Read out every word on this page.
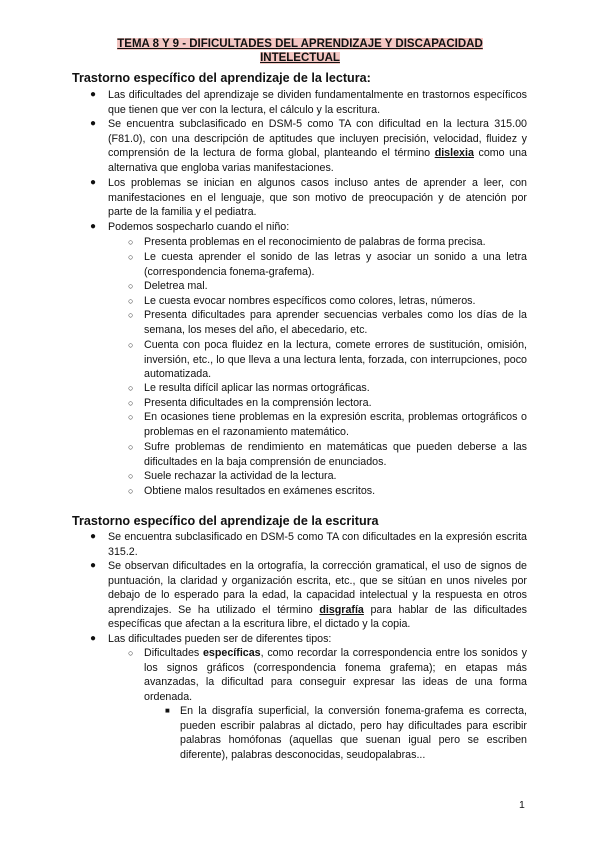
TEMA 8 Y 9 - DIFICULTADES DEL APRENDIZAJE Y DISCAPACIDAD
INTELECTUAL
Trastorno específico del aprendizaje de la lectura:
● Las dificultades del aprendizaje se dividen fundamentalmente en trastornos específicos que tienen que ver con la lectura, el cálculo y la escritura.
● Se encuentra subclasificado en DSM-5 como TA con dificultad en la lectura 315.00 (F81.0), con una descripción de aptitudes que incluyen precisión, velocidad, fluidez y comprensión de la lectura de forma global, planteando el término dislexia como una alternativa que engloba varias manifestaciones.
● Los problemas se inician en algunos casos incluso antes de aprender a leer, con manifestaciones en el lenguaje, que son motivo de preocupación y de atención por parte de la familia y el pediatra.
● Podemos sospecharlo cuando el niño:
○ Presenta problemas en el reconocimiento de palabras de forma precisa.
○ Le cuesta aprender el sonido de las letras y asociar un sonido a una letra (correspondencia fonema-grafema).
○ Deletrea mal.
○ Le cuesta evocar nombres específicos como colores, letras, números.
○ Presenta dificultades para aprender secuencias verbales como los días de la semana, los meses del año, el abecedario, etc.
○ Cuenta con poca fluidez en la lectura, comete errores de sustitución, omisión, inversión, etc., lo que lleva a una lectura lenta, forzada, con interrupciones, poco automatizada.
○ Le resulta difícil aplicar las normas ortográficas.
○ Presenta dificultades en la comprensión lectora.
○ En ocasiones tiene problemas en la expresión escrita, problemas ortográficos o problemas en el razonamiento matemático.
○ Sufre problemas de rendimiento en matemáticas que pueden deberse a las dificultades en la baja comprensión de enunciados.
○ Suele rechazar la actividad de la lectura.
○ Obtiene malos resultados en exámenes escritos.
Trastorno específico del aprendizaje de la escritura
● Se encuentra subclasificado en DSM-5 como TA con dificultades en la expresión escrita 315.2.
● Se observan dificultades en la ortografía, la corrección gramatical, el uso de signos de puntuación, la claridad y organización escrita, etc., que se sitúan en unos niveles por debajo de lo esperado para la edad, la capacidad intelectual y la respuesta en otros aprendizajes. Se ha utilizado el término disgrafía para hablar de las dificultades específicas que afectan a la escritura libre, el dictado y la copia.
● Las dificultades pueden ser de diferentes tipos:
○ Dificultades específicas, como recordar la correspondencia entre los sonidos y los signos gráficos (correspondencia fonema grafema); en etapas más avanzadas, la dificultad para conseguir expresar las ideas de una forma ordenada.
■ En la disgrafía superficial, la conversión fonema-grafema es correcta, pueden escribir palabras al dictado, pero hay dificultades para escribir palabras homófonas (aquellas que suenan igual pero se escriben diferente), palabras desconocidas, seudopalabras...
1
